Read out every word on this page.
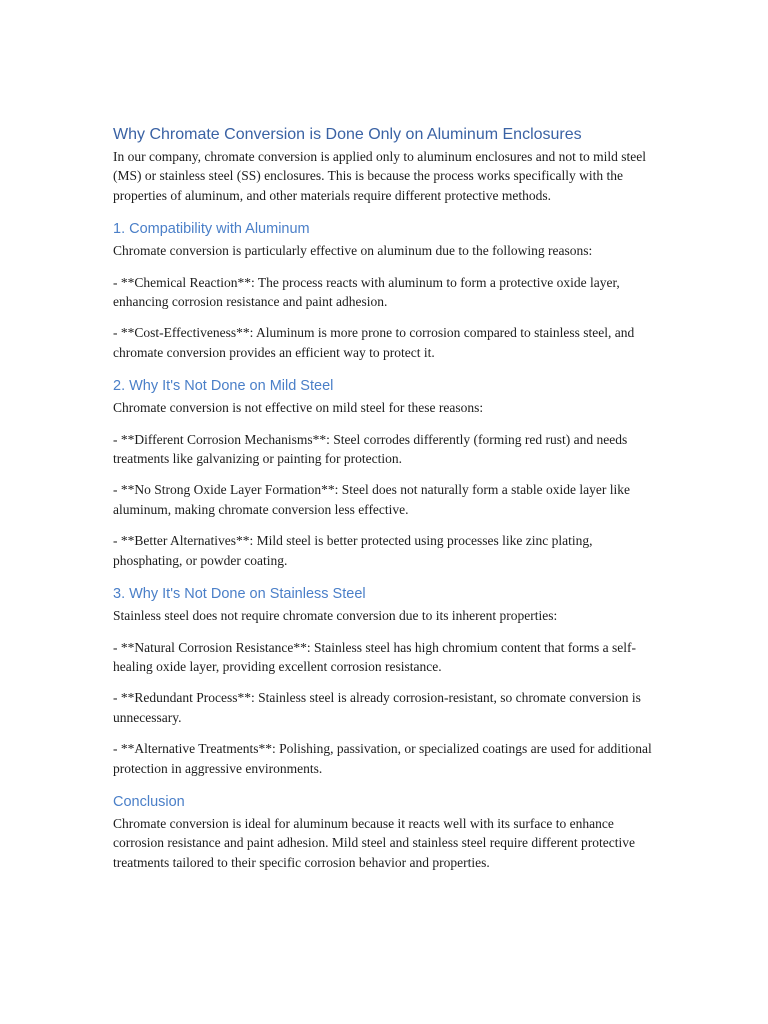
Why Chromate Conversion is Done Only on Aluminum Enclosures

In our company, chromate conversion is applied only to aluminum enclosures and not to mild steel (MS) or stainless steel (SS) enclosures. This is because the process works specifically with the properties of aluminum, and other materials require different protective methods.

1. Compatibility with Aluminum

Chromate conversion is particularly effective on aluminum due to the following reasons:

- **Chemical Reaction**: The process reacts with aluminum to form a protective oxide layer, enhancing corrosion resistance and paint adhesion.

- **Cost-Effectiveness**: Aluminum is more prone to corrosion compared to stainless steel, and chromate conversion provides an efficient way to protect it.

2. Why It's Not Done on Mild Steel

Chromate conversion is not effective on mild steel for these reasons:

- **Different Corrosion Mechanisms**: Steel corrodes differently (forming red rust) and needs treatments like galvanizing or painting for protection.

- **No Strong Oxide Layer Formation**: Steel does not naturally form a stable oxide layer like aluminum, making chromate conversion less effective.

- **Better Alternatives**: Mild steel is better protected using processes like zinc plating, phosphating, or powder coating.

3. Why It's Not Done on Stainless Steel

Stainless steel does not require chromate conversion due to its inherent properties:

- **Natural Corrosion Resistance**: Stainless steel has high chromium content that forms a self-healing oxide layer, providing excellent corrosion resistance.

- **Redundant Process**: Stainless steel is already corrosion-resistant, so chromate conversion is unnecessary.

- **Alternative Treatments**: Polishing, passivation, or specialized coatings are used for additional protection in aggressive environments.

Conclusion

Chromate conversion is ideal for aluminum because it reacts well with its surface to enhance corrosion resistance and paint adhesion. Mild steel and stainless steel require different protective treatments tailored to their specific corrosion behavior and properties.
